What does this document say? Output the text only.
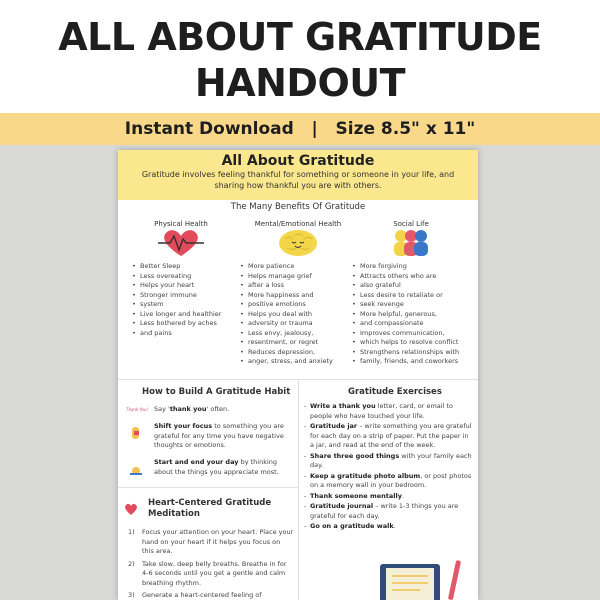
ALL ABOUT GRATITUDE
HANDOUT
Instant Download   |   Size 8.5" x 11"
All About Gratitude
Gratitude involves feeling thankful for something or someone in your life, and sharing how thankful you are with others.
The Many Benefits Of Gratitude
Physical Health	Mental/Emotional Health	Social Life
• Better Sleep
• Less overeating
• Helps your heart
• Stronger immune
• system
• Live longer and healthier
• Less bothered by aches
• and pains
• More patience
• Helps manage grief
• after a loss
• More happiness and
• positive emotions
• Helps you deal with
• adversity or trauma
• Less envy, jealousy,
• resentment, or regret
• Reduces depression,
• anger, stress, and anxiety
• More forgiving
• Attracts others who are
• also grateful
• Less desire to retaliate or
• seek revenge
• More helpful, generous,
• and compassionate
• Improves communication,
• which helps to resolve conflict
• Strengthens relationships with
• family, friends, and coworkers
How to Build A Gratitude Habit
Thank You! Say 'thank you' often.
Shift your focus to something you are grateful for any time you have negative thoughts or emotions.
Start and end your day by thinking about the things you appreciate most.
Heart-Centered Gratitude
Meditation
1) Focus your attention on your heart. Place your hand on your heart if it helps you focus on this area.
2) Take slow, deep belly breaths. Breathe in for 4-6 seconds until you get a gentle and calm breathing rhythm.
3) Generate a heart-centered feeling of
Gratitude Exercises
- Write a thank you letter, card, or email to people who have touched your life.
- Gratitude jar – write something you are grateful for each day on a strip of paper. Put the paper in a jar, and read at the end of the week.
- Share three good things with your family each day.
- Keep a gratitude photo album, or post photos on a memory wall in your bedroom.
- Thank someone mentally.
- Gratitude journal – write 1-3 things you are grateful for each day.
- Go on a gratitude walk.
